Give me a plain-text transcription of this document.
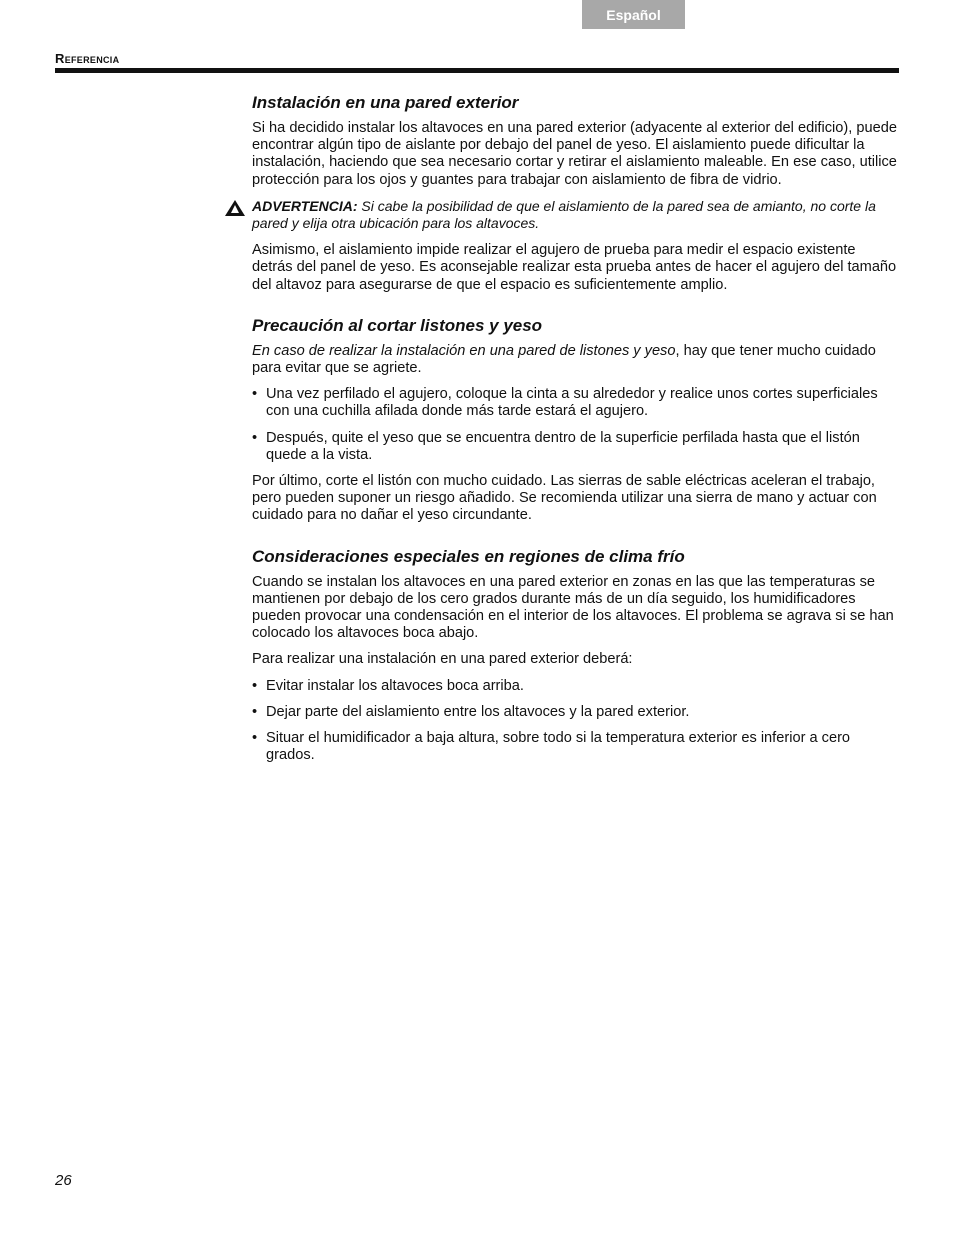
Español
Referencia
Instalación en una pared exterior

Si ha decidido instalar los altavoces en una pared exterior (adyacente al exterior del edificio), puede encontrar algún tipo de aislante por debajo del panel de yeso. El aislamiento puede dificultar la instalación, haciendo que sea necesario cortar y retirar el aislamiento maleable. En ese caso, utilice protección para los ojos y guantes para trabajar con aislamiento de fibra de vidrio.

ADVERTENCIA: Si cabe la posibilidad de que el aislamiento de la pared sea de amianto, no corte la pared y elija otra ubicación para los altavoces.

Asimismo, el aislamiento impide realizar el agujero de prueba para medir el espacio existente detrás del panel de yeso. Es aconsejable realizar esta prueba antes de hacer el agujero del tamaño del altavoz para asegurarse de que el espacio es suficientemente amplio.

Precaución al cortar listones y yeso

En caso de realizar la instalación en una pared de listones y yeso, hay que tener mucho cuidado para evitar que se agriete.

• Una vez perfilado el agujero, coloque la cinta a su alrededor y realice unos cortes superficiales con una cuchilla afilada donde más tarde estará el agujero.
• Después, quite el yeso que se encuentra dentro de la superficie perfilada hasta que el listón quede a la vista.

Por último, corte el listón con mucho cuidado. Las sierras de sable eléctricas aceleran el trabajo, pero pueden suponer un riesgo añadido. Se recomienda utilizar una sierra de mano y actuar con cuidado para no dañar el yeso circundante.

Consideraciones especiales en regiones de clima frío

Cuando se instalan los altavoces en una pared exterior en zonas en las que las temperaturas se mantienen por debajo de los cero grados durante más de un día seguido, los humidificadores pueden provocar una condensación en el interior de los altavoces. El problema se agrava si se han colocado los altavoces boca abajo.

Para realizar una instalación en una pared exterior deberá:

• Evitar instalar los altavoces boca arriba.
• Dejar parte del aislamiento entre los altavoces y la pared exterior.
• Situar el humidificador a baja altura, sobre todo si la temperatura exterior es inferior a cero grados.
26
